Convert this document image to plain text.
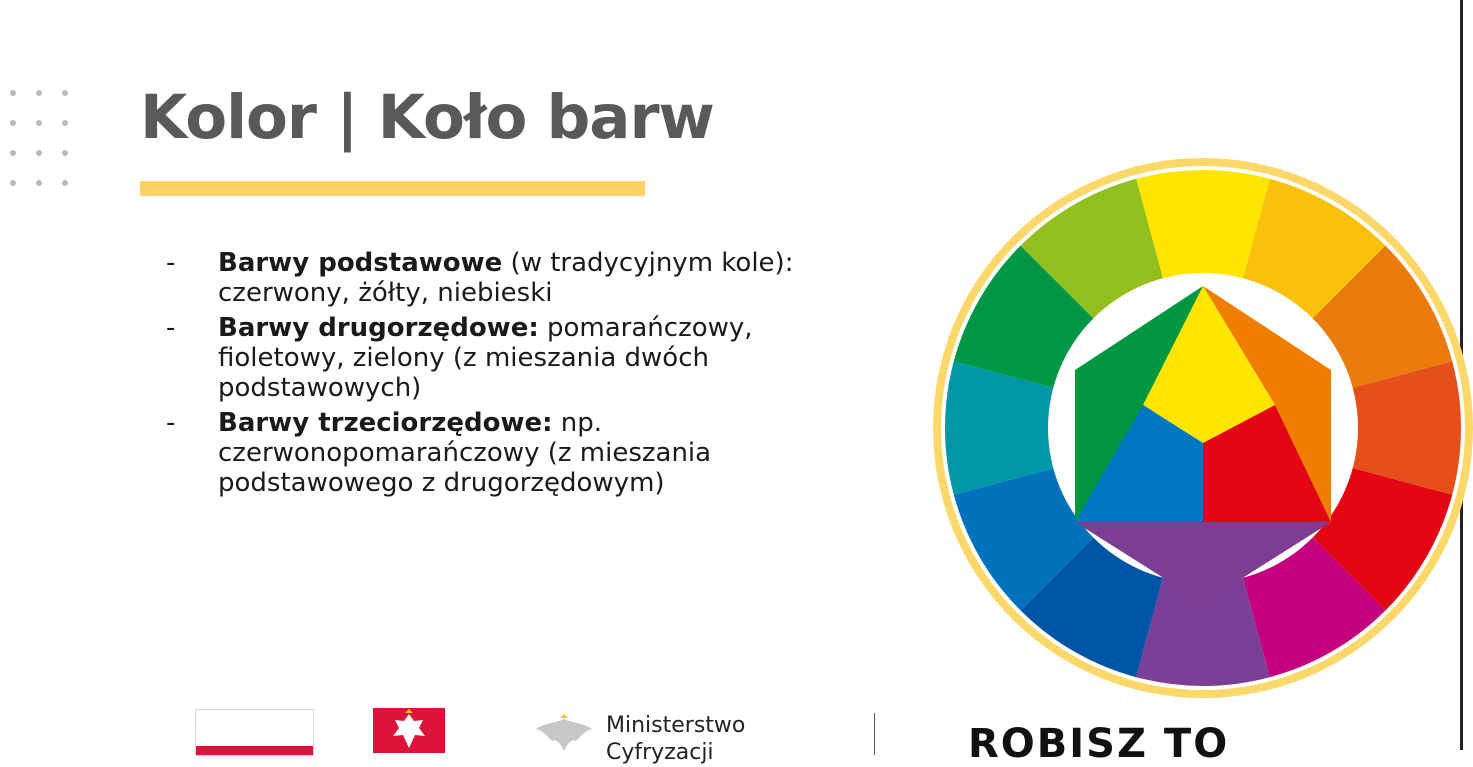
Kolor | Koło barw
- Barwy podstawowe (w tradycyjnym kole): czerwony, żółty, niebieski
- Barwy drugorzędowe: pomarańczowy, fioletowy, zielony (z mieszania dwóch podstawowych)
- Barwy trzeciorzędowe: np. czerwonopomarańczowy (z mieszania podstawowego z drugorzędowym)
Ministerstwo
Cyfryzacji	ROBISZ TO
